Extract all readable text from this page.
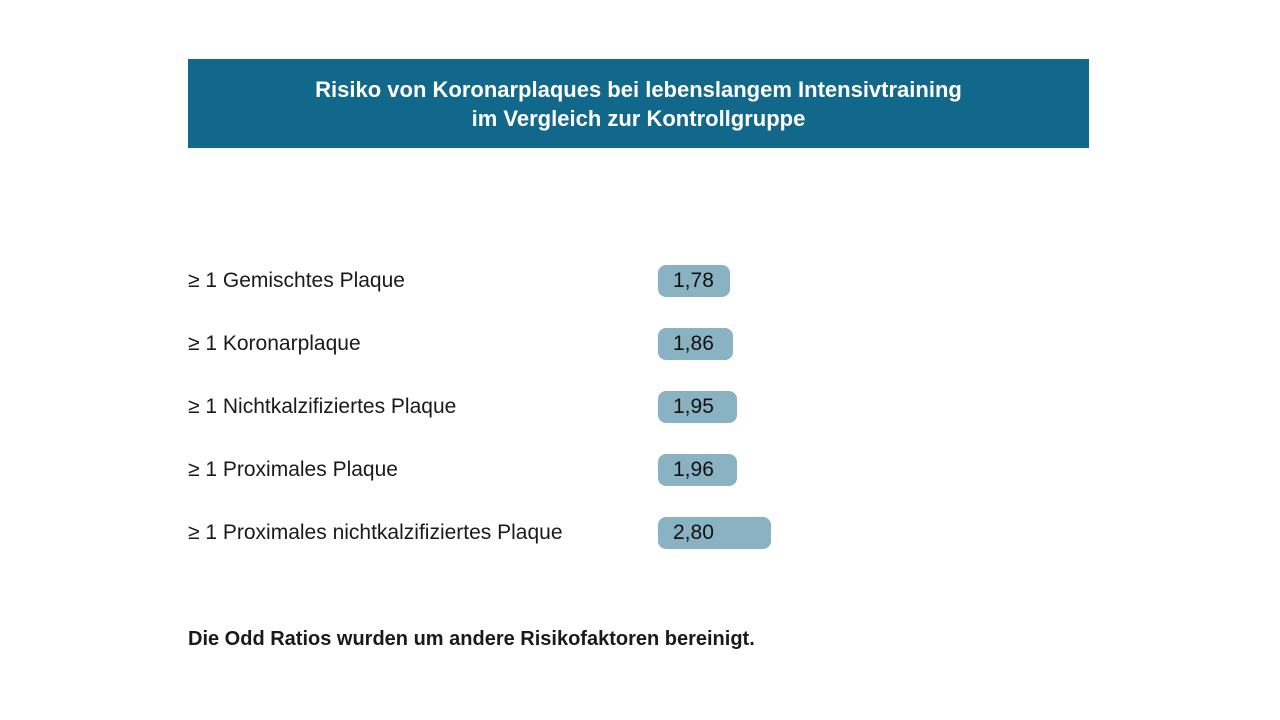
Risiko von Koronarplaques bei lebenslangem Intensivtraining
im Vergleich zur Kontrollgruppe
≥ 1 Gemischtes Plaque	1,78
≥ 1 Koronarplaque	1,86
≥ 1 Nichtkalzifiziertes Plaque	1,95
≥ 1 Proximales Plaque	1,96
≥ 1 Proximales nichtkalzifiziertes Plaque	2,80
Die Odd Ratios wurden um andere Risikofaktoren bereinigt.
